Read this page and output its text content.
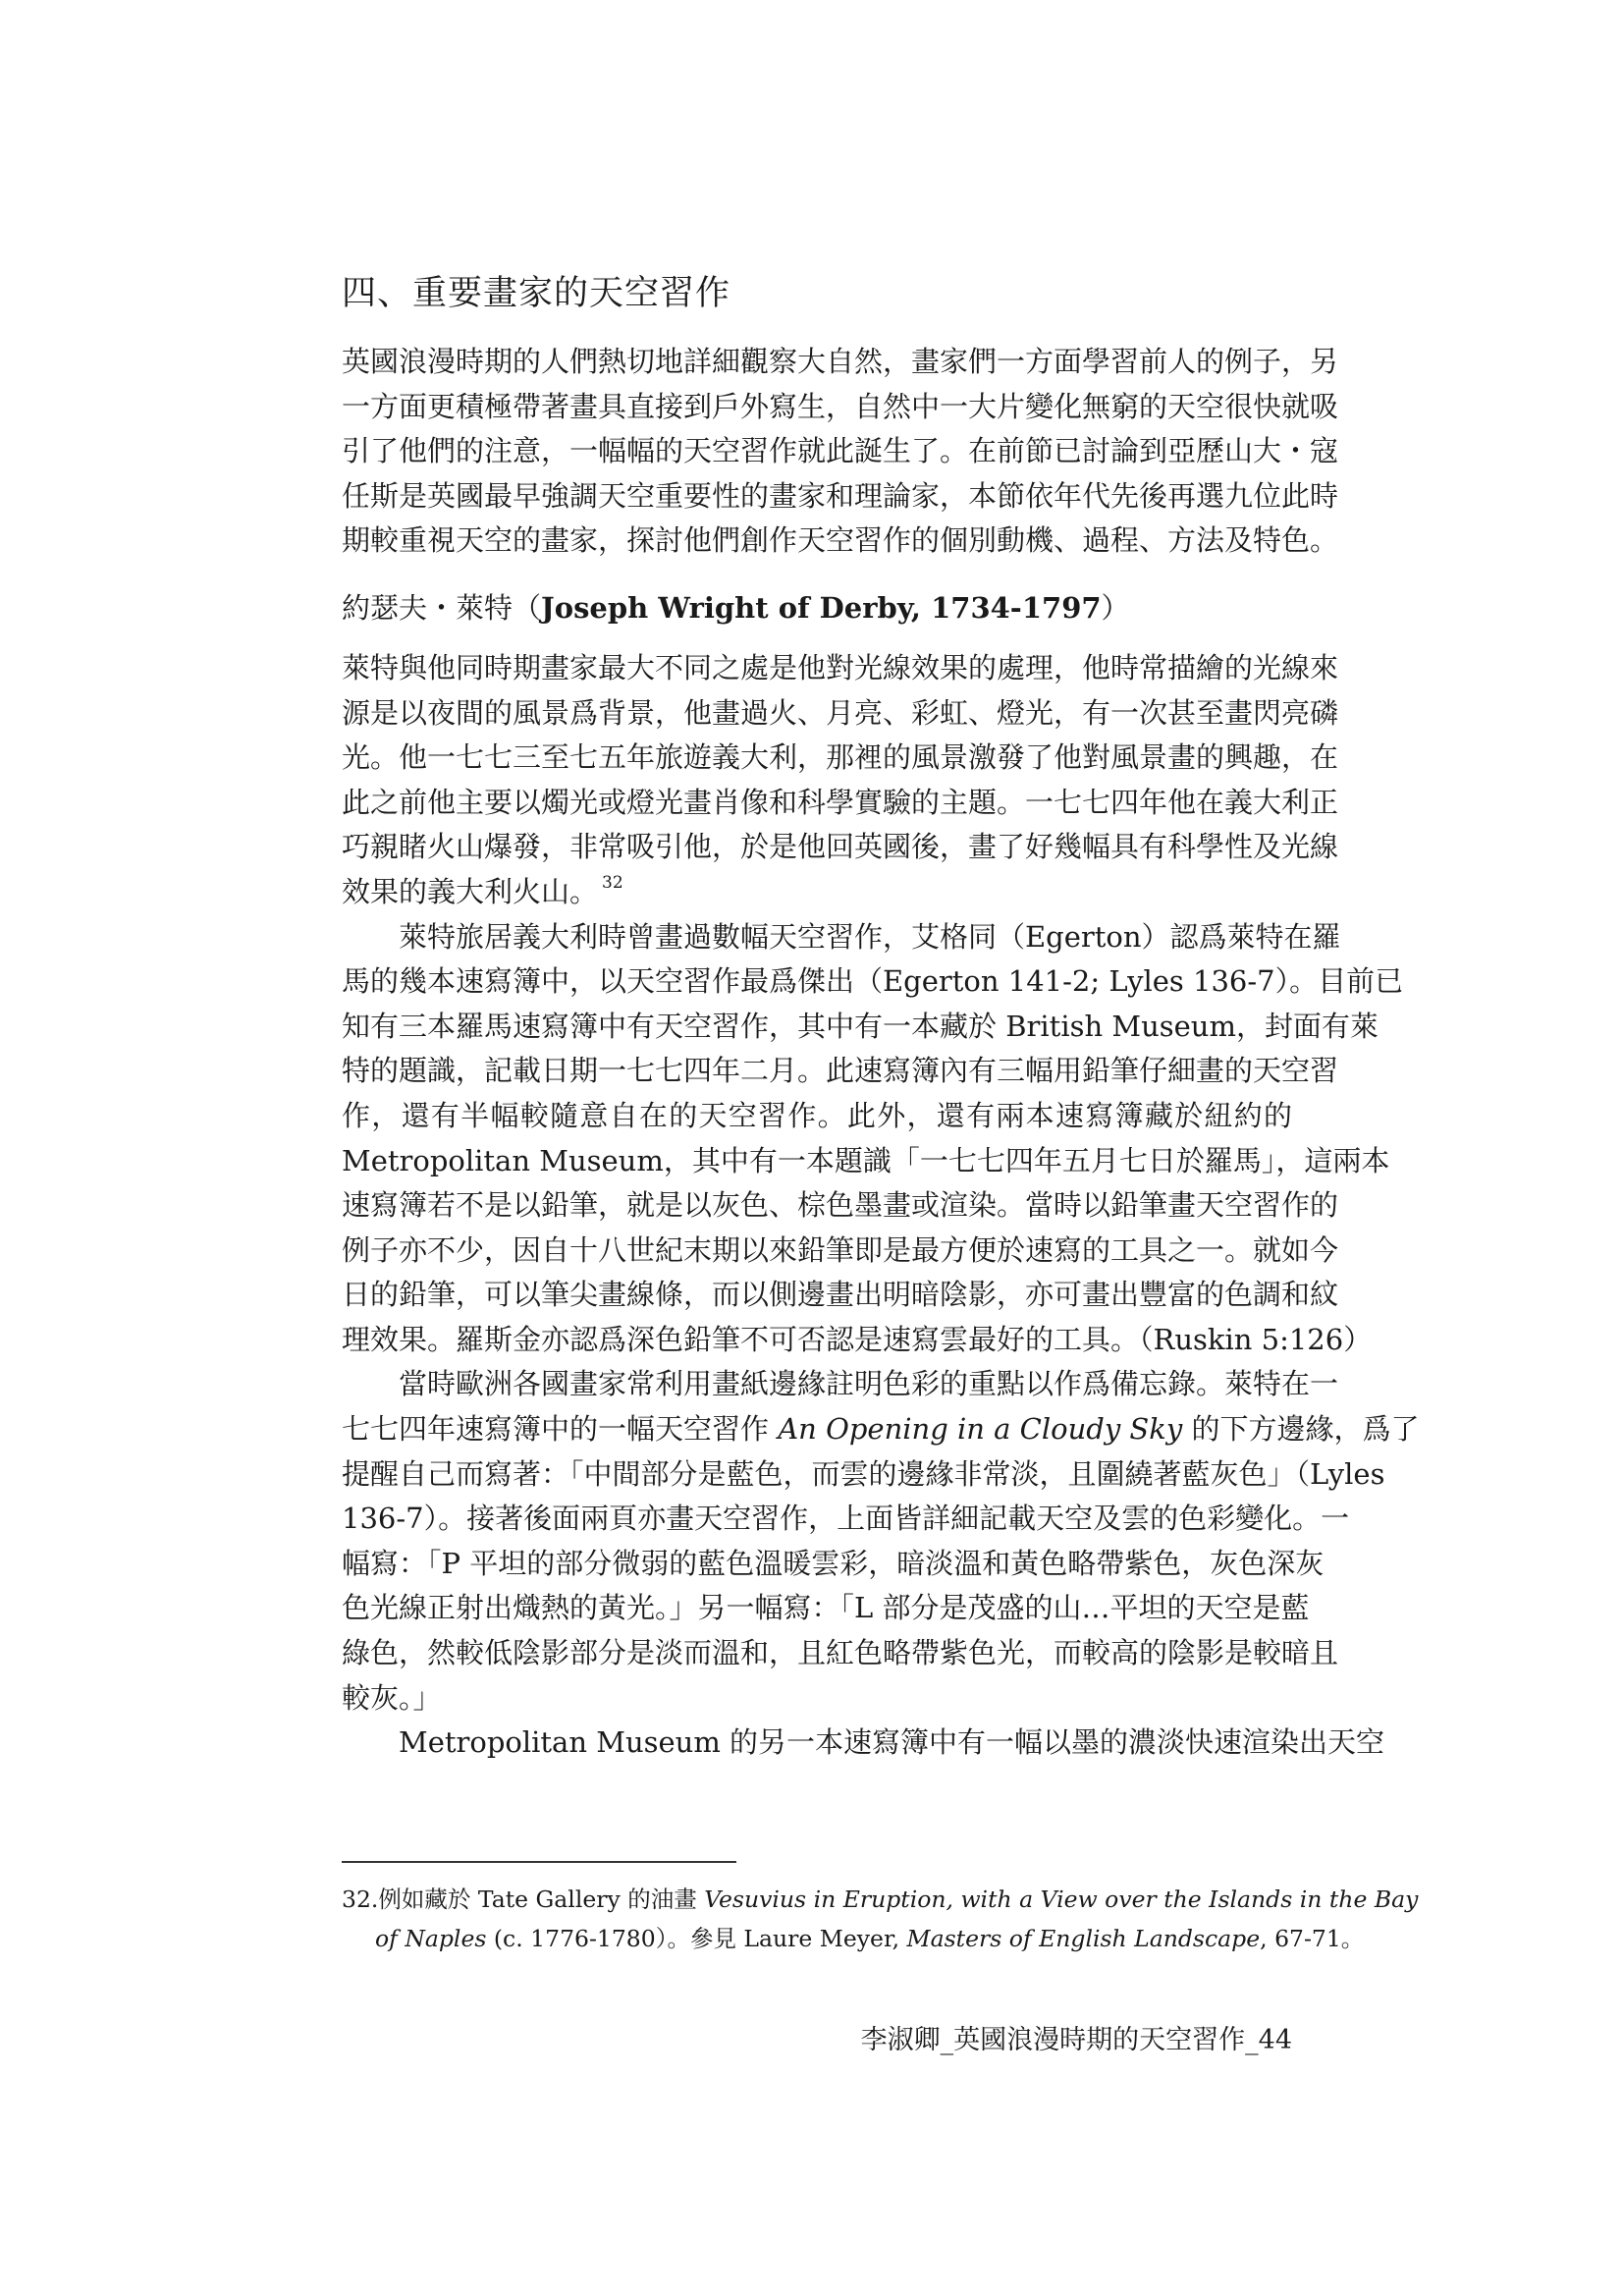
四、重要畫家的天空習作

英國浪漫時期的人們熱切地詳細觀察大自然，畫家們一方面學習前人的例子，另
一方面更積極帶著畫具直接到戶外寫生，自然中一大片變化無窮的天空很快就吸
引了他們的注意，一幅幅的天空習作就此誕生了。在前節已討論到亞歷山大・寇
任斯是英國最早強調天空重要性的畫家和理論家，本節依年代先後再選九位此時
期較重視天空的畫家，探討他們創作天空習作的個別動機、過程、方法及特色。

約瑟夫・萊特（Joseph Wright of Derby, 1734-1797）

萊特與他同時期畫家最大不同之處是他對光線效果的處理，他時常描繪的光線來
源是以夜間的風景爲背景，他畫過火、月亮、彩虹、燈光，有一次甚至畫閃亮磷
光。他一七七三至七五年旅遊義大利，那裡的風景激發了他對風景畫的興趣，在
此之前他主要以燭光或燈光畫肖像和科學實驗的主題。一七七四年他在義大利正
巧親睹火山爆發，非常吸引他，於是他回英國後，畫了好幾幅具有科學性及光線
效果的義大利火山。 $^{32}$

萊特旅居義大利時曾畫過數幅天空習作，艾格同（Egerton）認爲萊特在羅
馬的幾本速寫簿中，以天空習作最爲傑出（Egerton 141-2; Lyles 136-7）。目前已
知有三本羅馬速寫簿中有天空習作，其中有一本藏於 British Museum，封面有萊
特的題識，記載日期一七七四年二月。此速寫簿內有三幅用鉛筆仔細畫的天空習
作，還有半幅較隨意自在的天空習作。此外，還有兩本速寫簿藏於紐約的
Metropolitan Museum，其中有一本題識「一七七四年五月七日於羅馬」，這兩本
速寫簿若不是以鉛筆，就是以灰色、棕色墨畫或渲染。當時以鉛筆畫天空習作的
例子亦不少，因自十八世紀末期以來鉛筆即是最方便於速寫的工具之一。就如今
日的鉛筆，可以筆尖畫線條，而以側邊畫出明暗陰影，亦可畫出豐富的色調和紋
理效果。羅斯金亦認爲深色鉛筆不可否認是速寫雲最好的工具。（Ruskin 5:126）

當時歐洲各國畫家常利用畫紙邊緣註明色彩的重點以作爲備忘錄。萊特在一
七七四年速寫簿中的一幅天空習作 An Opening in a Cloudy Sky 的下方邊緣，爲了
提醒自己而寫著：「中間部分是藍色，而雲的邊緣非常淡，且圍繞著藍灰色」（Lyles
136-7）。接著後面兩頁亦畫天空習作，上面皆詳細記載天空及雲的色彩變化。一
幅寫：「P 平坦的部分微弱的藍色溫暖雲彩，暗淡溫和黃色略帶紫色，灰色深灰
色光線正射出熾熱的黃光。」另一幅寫：「L 部分是茂盛的山…平坦的天空是藍
綠色，然較低陰影部分是淡而溫和，且紅色略帶紫色光，而較高的陰影是較暗且
較灰。」

Metropolitan Museum 的另一本速寫簿中有一幅以墨的濃淡快速渲染出天空

32.例如藏於 Tate Gallery 的油畫 Vesuvius in Eruption, with a View over the Islands in the Bay
of Naples (c. 1776-1780）。參見 Laure Meyer, Masters of English Landscape, 67-71。
李淑卿_英國浪漫時期的天空習作_44
